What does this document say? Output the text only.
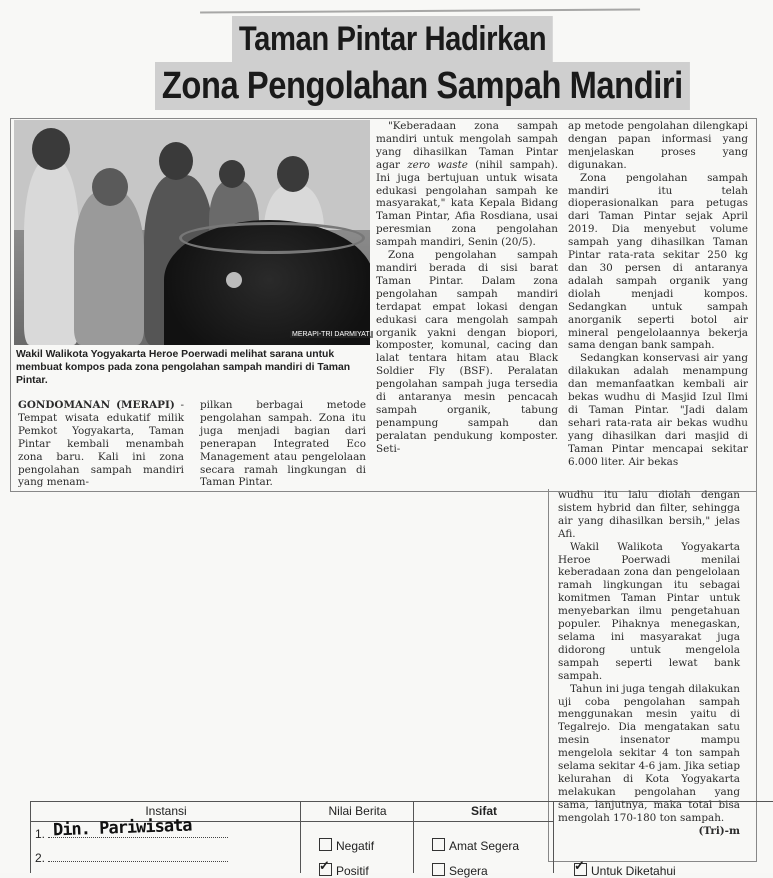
Taman Pintar Hadirkan
Zona Pengolahan Sampah Mandiri
MERAPI-TRI DARMIYATI
Wakil Walikota Yogyakarta Heroe Poerwadi melihat sarana untuk membuat kompos pada zona pengolahan sampah mandiri di Taman Pintar.

GONDOMANAN (MERAPI) - Tempat wisata edukatif milik Pemkot Yogyakarta, Taman Pintar kembali menambah zona baru. Kali ini zona pengolahan sampah mandiri yang menam-

pilkan berbagai metode pengolahan sampah. Zona itu juga menjadi bagian dari penerapan Integrated Eco Management atau pengelolaan secara ramah lingkungan di Taman Pintar.

"Keberadaan zona sampah mandiri untuk mengolah sampah yang dihasilkan Taman Pintar agar zero waste (nihil sampah). Ini juga bertujuan untuk wisata edukasi pengolahan sampah ke masyarakat," kata Kepala Bidang Taman Pintar, Afia Rosdiana, usai peresmian zona pengolahan sampah mandiri, Senin (20/5).

Zona pengolahan sampah mandiri berada di sisi barat Taman Pintar. Dalam zona pengolahan sampah mandiri terdapat empat lokasi dengan edukasi cara mengolah sampah organik yakni dengan biopori, komposter, komunal, cacing dan lalat tentara hitam atau Black Soldier Fly (BSF). Peralatan pengolahan sampah juga tersedia di antaranya mesin pencacah sampah organik, tabung penampung sampah dan peralatan pendukung komposter. Seti-

ap metode pengolahan dilengkapi dengan papan informasi yang menjelaskan proses yang digunakan.

Zona pengolahan sampah mandiri itu telah dioperasionalkan para petugas dari Taman Pintar sejak April 2019. Dia menyebut volume sampah yang dihasilkan Taman Pintar rata-rata sekitar 250 kg dan 30 persen di antaranya adalah sampah organik yang diolah menjadi kompos. Sedangkan untuk sampah anorganik seperti botol air mineral pengelolaannya bekerja sama dengan bank sampah.

Sedangkan konservasi air yang dilakukan adalah menampung dan memanfaatkan kembali air bekas wudhu di Masjid Izul Ilmi di Taman Pintar. "Jadi dalam sehari rata-rata air bekas wudhu yang dihasilkan dari masjid di Taman Pintar mencapai sekitar 6.000 liter. Air bekas

wudhu itu lalu diolah dengan sistem hybrid dan filter, sehingga air yang dihasilkan bersih," jelas Afi.

Wakil Walikota Yogyakarta Heroe Poerwadi menilai keberadaan zona dan pengelolaan ramah lingkungan itu sebagai komitmen Taman Pintar untuk menyebarkan ilmu pengetahuan populer. Pihaknya menegaskan, selama ini masyarakat juga didorong untuk mengelola sampah seperti lewat bank sampah.

Tahun ini juga tengah dilakukan uji coba pengolahan sampah menggunakan mesin yaitu di Tegalrejo. Dia mengatakan satu mesin insenator mampu mengelola sekitar 4 ton sampah selama sekitar 4-6 jam. Jika setiap kelurahan di Kota Yogyakarta melakukan pengolahan yang sama, lanjutnya, maka total bisa mengolah 170-180 ton sampah.
(Tri)-m

Instansi
1. Din. Pariwisata
2.
Nilai Berita
Negatif
✓Positif
Sifat
Amat Segera
Segera
✓	Untuk Diketahui
